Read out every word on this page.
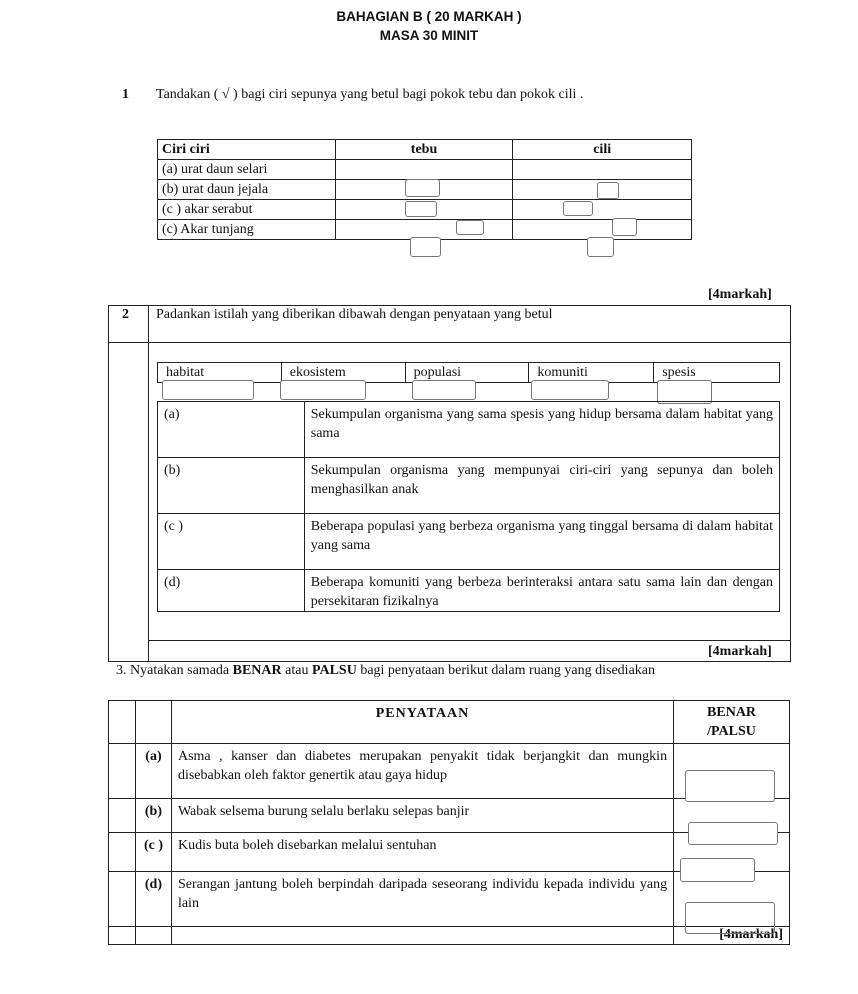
BAHAGIAN B ( 20 MARKAH )
MASA 30 MINIT
1 Tandakan ( √ ) bagi ciri sepunya yang betul bagi pokok tebu dan pokok cili .
Ciri ciri	tebu	cili
(a) urat daun selari		
(b) urat daun jejala		
(c ) akar serabut		
(c) Akar tunjang		
[4markah]
2 Padankan istilah yang diberikan dibawah dengan penyataan yang betul
habitat	ekosistem	populasi	komuniti	spesis
(a)	Sekumpulan organisma yang sama spesis yang hidup bersama dalam habitat yang sama
(b)	Sekumpulan organisma yang mempunyai ciri-ciri yang sepunya dan boleh menghasilkan anak
(c )	Beberapa populasi yang berbeza organisma yang tinggal bersama di dalam habitat yang sama
(d)	Beberapa komuniti yang berbeza berinteraksi antara satu sama lain dan dengan persekitaran fizikalnya
[4markah]
3. Nyatakan samada BENAR atau PALSU bagi penyataan berikut dalam ruang yang disediakan
		PENYATAAN	BENAR /PALSU
	(a)	Asma , kanser dan diabetes merupakan penyakit tidak berjangkit dan mungkin disebabkan oleh faktor genertik atau gaya hidup	
	(b)	Wabak selsema burung selalu berlaku selepas banjir	
	(c )	Kudis buta boleh disebarkan melalui sentuhan	
	(d)	Serangan jantung boleh berpindah daripada seseorang individu kepada individu yang lain	
			[4markah]
